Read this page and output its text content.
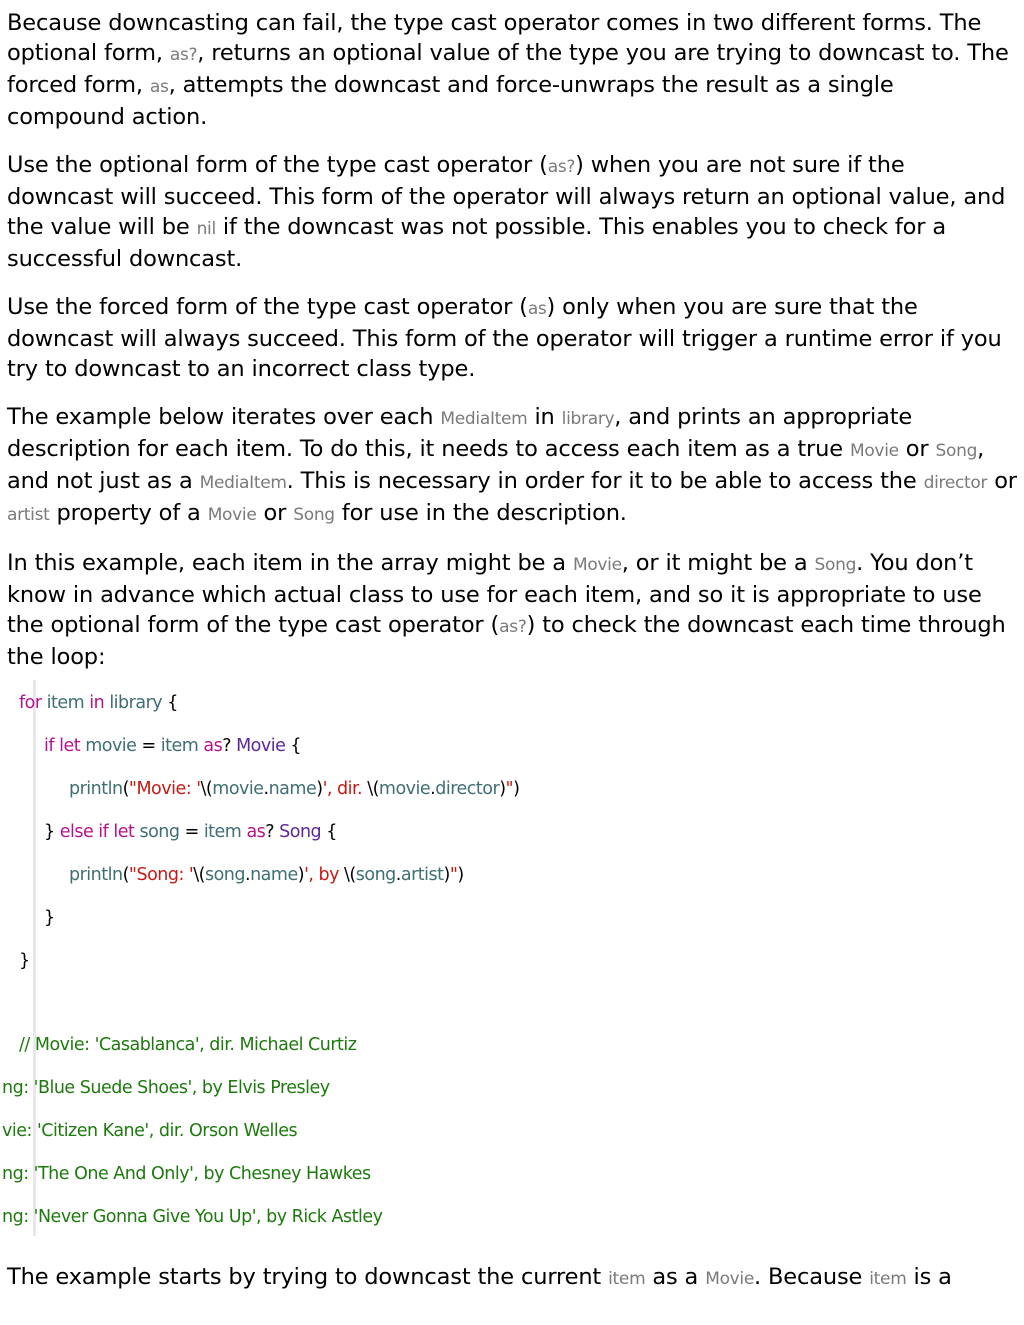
Because downcasting can fail, the type cast operator comes in two different forms. The optional form, as?, returns an optional value of the type you are trying to downcast to. The forced form, as, attempts the downcast and force-unwraps the result as a single compound action.

Use the optional form of the type cast operator (as?) when you are not sure if the downcast will succeed. This form of the operator will always return an optional value, and the value will be nil if the downcast was not possible. This enables you to check for a successful downcast.

Use the forced form of the type cast operator (as) only when you are sure that the downcast will always succeed. This form of the operator will trigger a runtime error if you try to downcast to an incorrect class type.

The example below iterates over each MediaItem in library, and prints an appropriate description for each item. To do this, it needs to access each item as a true Movie or Song, and not just as a MediaItem. This is necessary in order for it to be able to access the director or artist property of a Movie or Song for use in the description.

In this example, each item in the array might be a Movie, or it might be a Song. You don’t know in advance which actual class to use for each item, and so it is appropriate to use the optional form of the type cast operator (as?) to check the downcast each time through the loop:

for item in library {
if let movie = item as? Movie {
println("Movie: '\(movie.name)', dir. \(movie.director)")
} else if let song = item as? Song {
println("Song: '\(song.name)', by \(song.artist)")
}
}
// Movie: 'Casablanca', dir. Michael Curtiz
ng: 'Blue Suede Shoes', by Elvis Presley
vie: 'Citizen Kane', dir. Orson Welles
ng: 'The One And Only', by Chesney Hawkes
ng: 'Never Gonna Give You Up', by Rick Astley

The example starts by trying to downcast the current item as a Movie. Because item is a
